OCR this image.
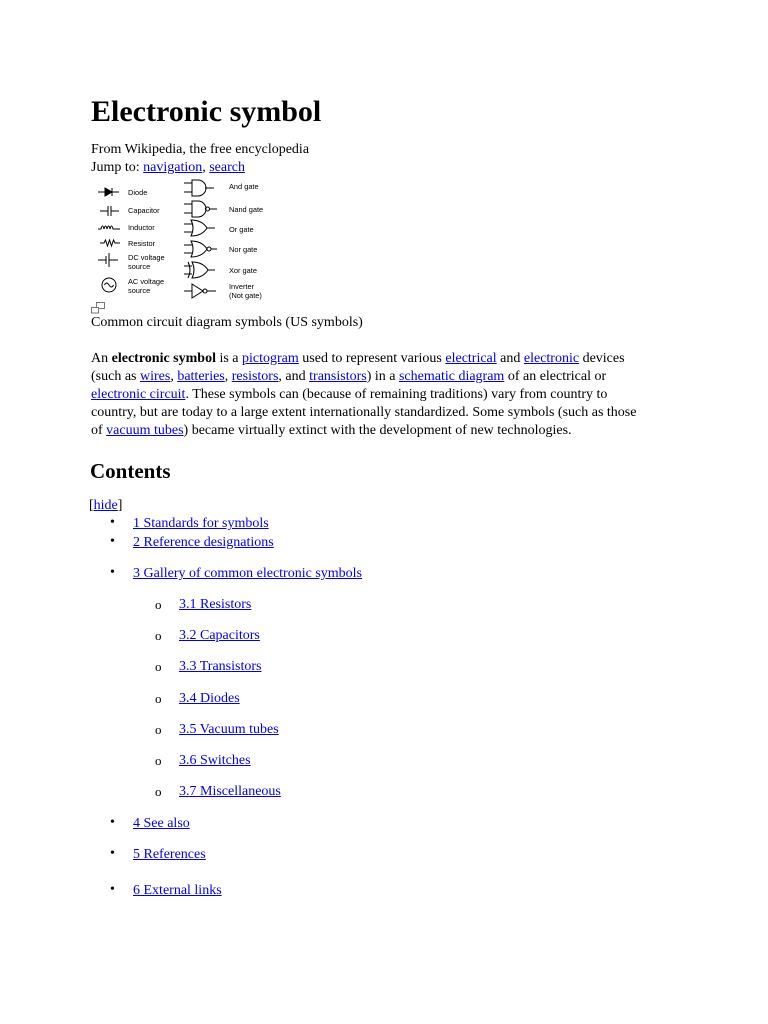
Electronic symbol
From Wikipedia, the free encyclopedia
Jump to: navigation, search
Diode
Capacitor
Inductor
Resistor
DC voltage
source
AC voltage
source
And gate
Nand gate
Or gate
Nor gate
Xor gate
Inverter
(Not gate)
Common circuit diagram symbols (US symbols)

An electronic symbol is a pictogram used to represent various electrical and electronic devices (such as wires, batteries, resistors, and transistors) in a schematic diagram of an electrical or electronic circuit. These symbols can (because of remaining traditions) vary from country to country, but are today to a large extent internationally standardized. Some symbols (such as those of vacuum tubes) became virtually extinct with the development of new technologies.

Contents
[hide]
• 1 Standards for symbols
• 2 Reference designations
• 3 Gallery of common electronic symbols
o 3.1 Resistors
o 3.2 Capacitors
o 3.3 Transistors
o 3.4 Diodes
o 3.5 Vacuum tubes
o 3.6 Switches
o 3.7 Miscellaneous
• 4 See also
• 5 References
• 6 External links
